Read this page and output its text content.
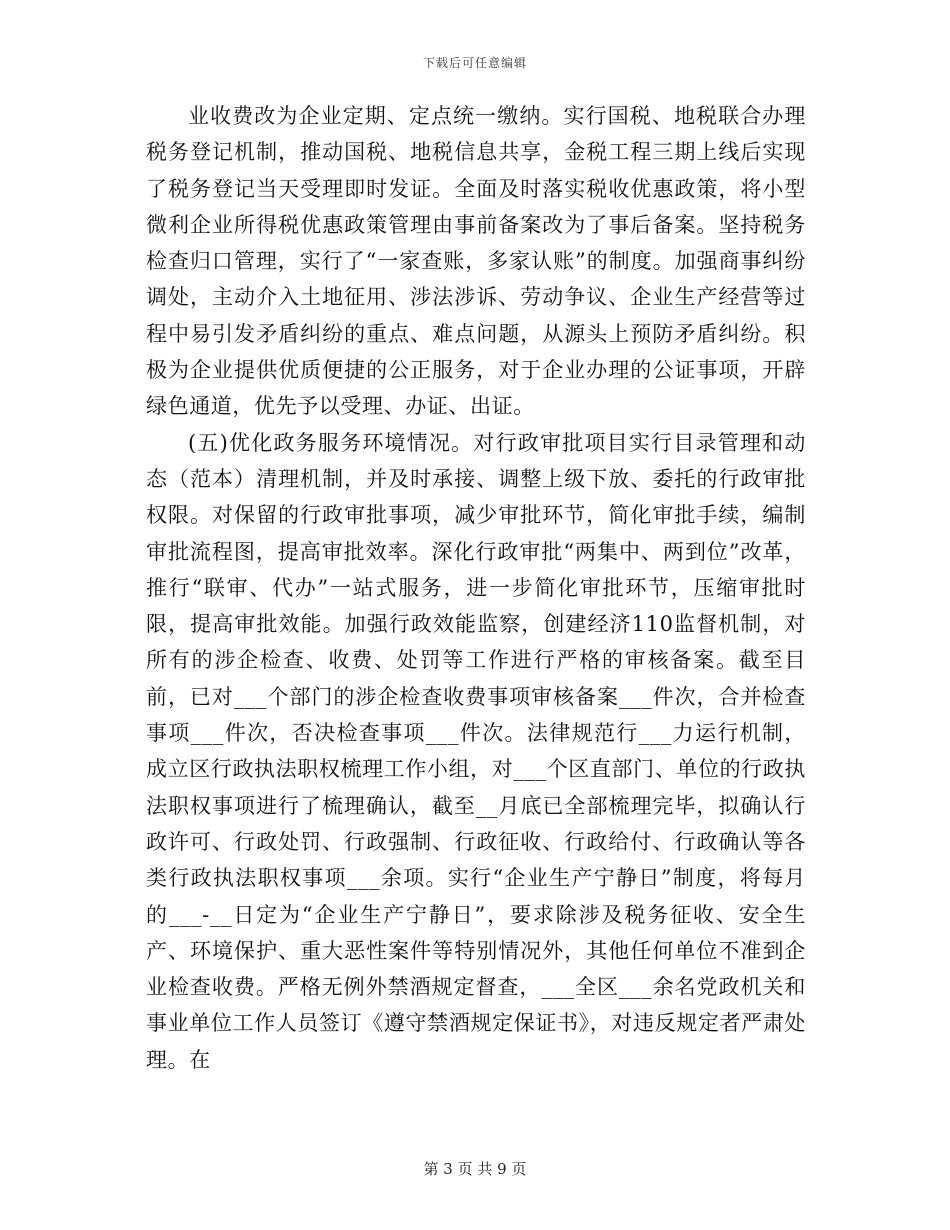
下载后可任意编辑

业收费改为企业定期、定点统一缴纳。实行国税、地税联合办理税务登记机制，推动国税、地税信息共享，金税工程三期上线后实现了税务登记当天受理即时发证。全面及时落实税收优惠政策，将小型微利企业所得税优惠政策管理由事前备案改为了事后备案。坚持税务检查归口管理，实行了“一家查账，多家认账”的制度。加强商事纠纷调处，主动介入土地征用、涉法涉诉、劳动争议、企业生产经营等过程中易引发矛盾纠纷的重点、难点问题，从源头上预防矛盾纠纷。积极为企业提供优质便捷的公正服务，对于企业办理的公证事项，开辟绿色通道，优先予以受理、办证、出证。

(五)优化政务服务环境情况。对行政审批项目实行目录管理和动态（范本）清理机制，并及时承接、调整上级下放、委托的行政审批权限。对保留的行政审批事项，减少审批环节，简化审批手续，编制审批流程图，提高审批效率。深化行政审批“两集中、两到位”改革，推行“联审、代办”一站式服务，进一步简化审批环节，压缩审批时限，提高审批效能。加强行政效能监察，创建经济110监督机制，对所有的涉企检查、收费、处罚等工作进行严格的审核备案。截至目前，已对___个部门的涉企检查收费事项审核备案___件次，合并检查事项___件次，否决检查事项___件次。法律规范行___力运行机制，成立区行政执法职权梳理工作小组，对___个区直部门、单位的行政执法职权事项进行了梳理确认，截至__月底已全部梳理完毕，拟确认行政许可、行政处罚、行政强制、行政征收、行政给付、行政确认等各类行政执法职权事项___余项。实行“企业生产宁静日”制度，将每月的___-__日定为“企业生产宁静日”，要求除涉及税务征收、安全生产、环境保护、重大恶性案件等特别情况外，其他任何单位不准到企业检查收费。严格无例外禁酒规定督查，___全区___余名党政机关和事业单位工作人员签订《遵守禁酒规定保证书》，对违反规定者严肃处理。在

第 3 页 共 9 页
